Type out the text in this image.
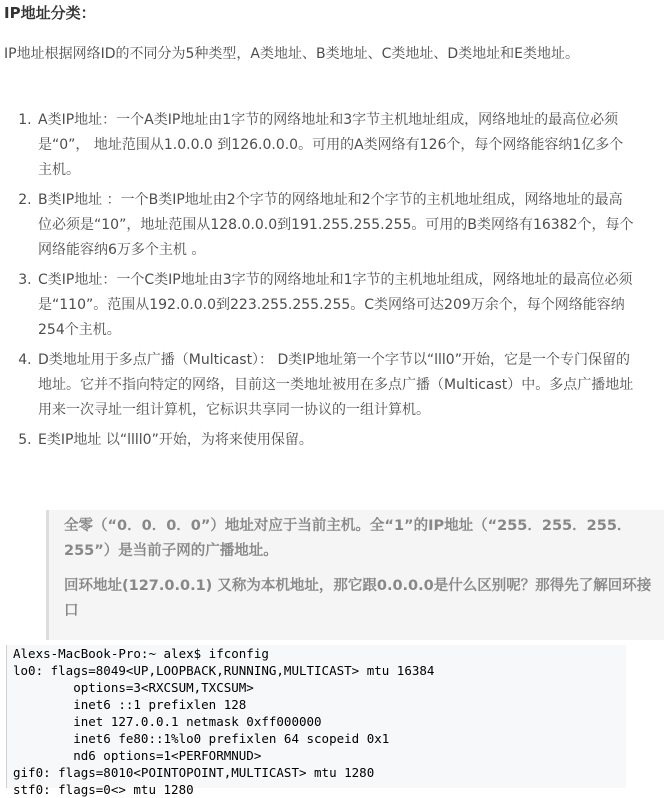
IP地址分类：

IP地址根据网络ID的不同分为5种类型，A类地址、B类地址、C类地址、D类地址和E类地址。

1. A类IP地址：一个A类IP地址由1字节的网络地址和3字节主机地址组成，网络地址的最高位必须是“0”， 地址范围从1.0.0.0 到126.0.0.0。可用的A类网络有126个，每个网络能容纳1亿多个主机。
2. B类IP地址 ：一个B类IP地址由2个字节的网络地址和2个字节的主机地址组成，网络地址的最高位必须是“10”，地址范围从128.0.0.0到191.255.255.255。可用的B类网络有16382个，每个网络能容纳6万多个主机 。
3. C类IP地址：一个C类IP地址由3字节的网络地址和1字节的主机地址组成，网络地址的最高位必须是“110”。范围从192.0.0.0到223.255.255.255。C类网络可达209万余个，每个网络能容纳254个主机。
4. D类地址用于多点广播（Multicast）： D类IP地址第一个字节以“lll0”开始，它是一个专门保留的地址。它并不指向特定的网络，目前这一类地址被用在多点广播（Multicast）中。多点广播地址用来一次寻址一组计算机，它标识共享同一协议的一组计算机。
5. E类IP地址 以“llll0”开始，为将来使用保留。

全零（“0．0．0．0”）地址对应于当前主机。全“1”的IP地址（“255．255．255．255”）是当前子网的广播地址。

回环地址(127.0.0.1) 又称为本机地址，那它跟0.0.0.0是什么区别呢？那得先了解回环接口

Alexs-MacBook-Pro:~ alex$ ifconfig
lo0: flags=8049<UP,LOOPBACK,RUNNING,MULTICAST> mtu 16384
options=3<RXCSUM,TXCSUM>
inet6 ::1 prefixlen 128
inet 127.0.0.1 netmask 0xff000000
inet6 fe80::1%lo0 prefixlen 64 scopeid 0x1
nd6 options=1<PERFORMNUD>
gif0: flags=8010<POINTOPOINT,MULTICAST> mtu 1280
stf0: flags=0<> mtu 1280
